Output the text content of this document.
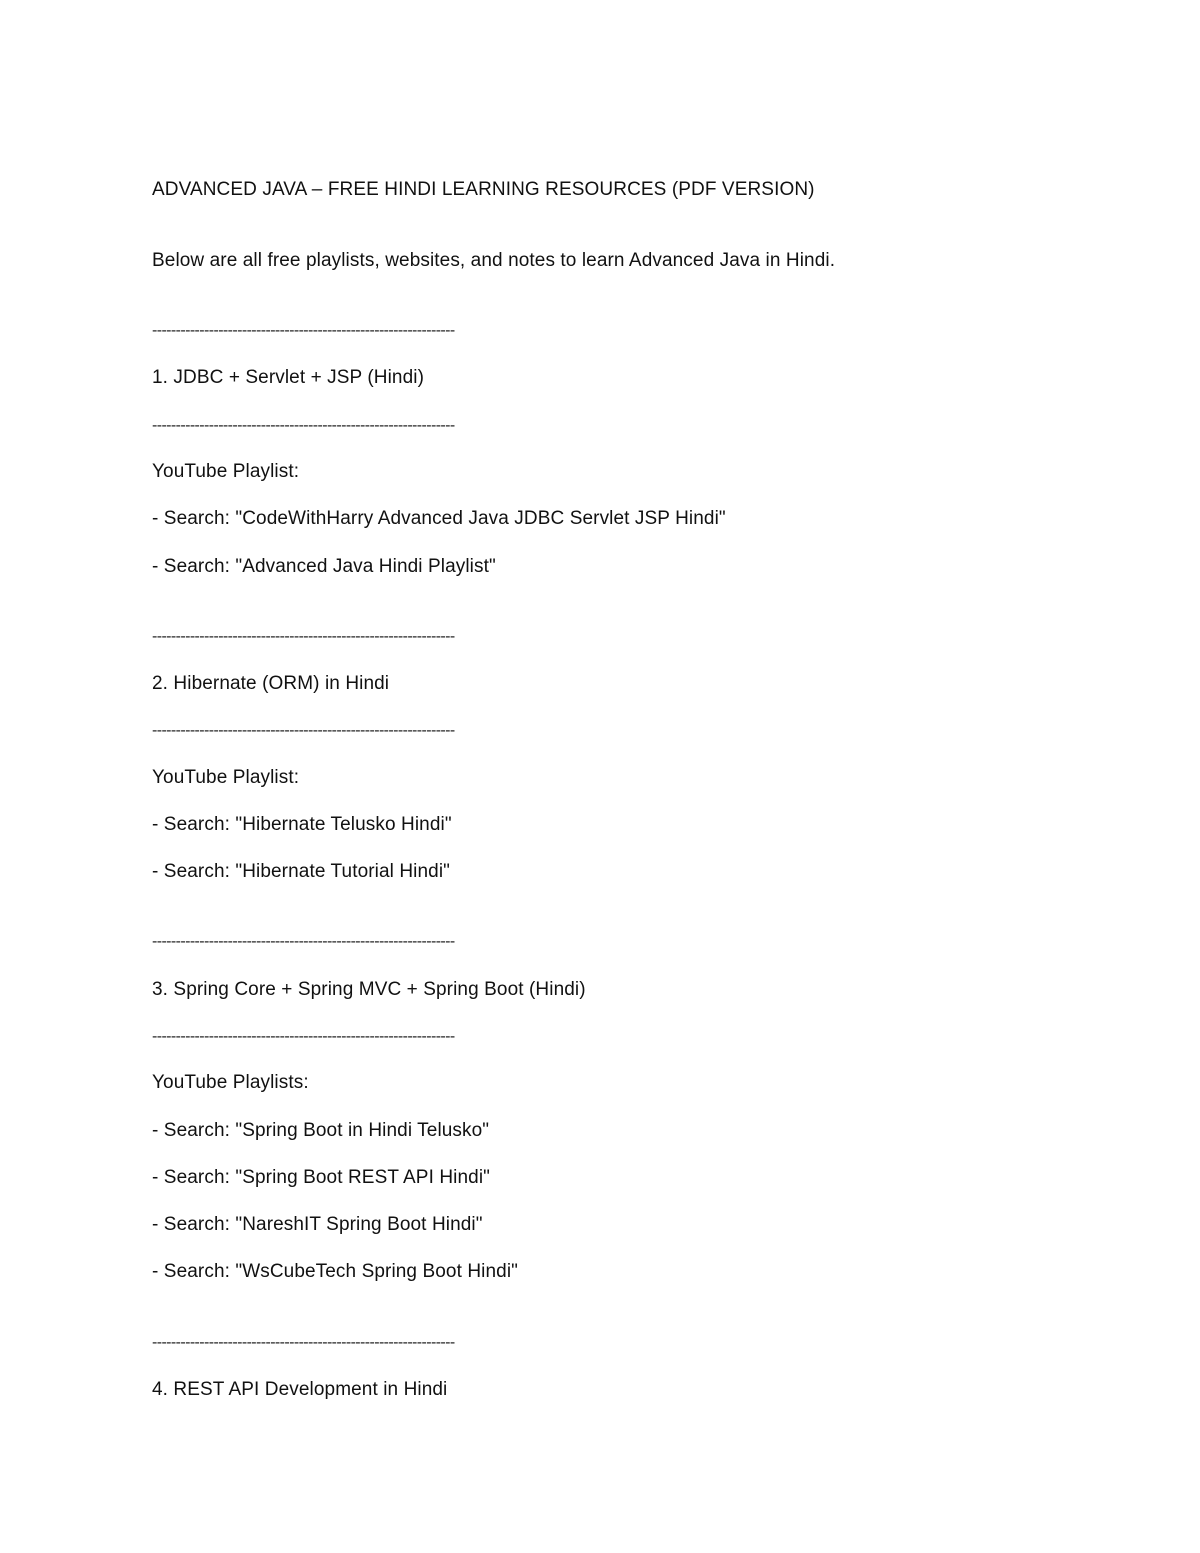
ADVANCED JAVA – FREE HINDI LEARNING RESOURCES (PDF VERSION)
Below are all free playlists, websites, and notes to learn Advanced Java in Hindi.
----------------------------------------------------------------
1. JDBC + Servlet + JSP (Hindi)
----------------------------------------------------------------
YouTube Playlist:
- Search: "CodeWithHarry Advanced Java JDBC Servlet JSP Hindi"
- Search: "Advanced Java Hindi Playlist"
----------------------------------------------------------------
2. Hibernate (ORM) in Hindi
----------------------------------------------------------------
YouTube Playlist:
- Search: "Hibernate Telusko Hindi"
- Search: "Hibernate Tutorial Hindi"
----------------------------------------------------------------
3. Spring Core + Spring MVC + Spring Boot (Hindi)
----------------------------------------------------------------
YouTube Playlists:
- Search: "Spring Boot in Hindi Telusko"
- Search: "Spring Boot REST API Hindi"
- Search: "NareshIT Spring Boot Hindi"
- Search: "WsCubeTech Spring Boot Hindi"
----------------------------------------------------------------
4. REST API Development in Hindi
